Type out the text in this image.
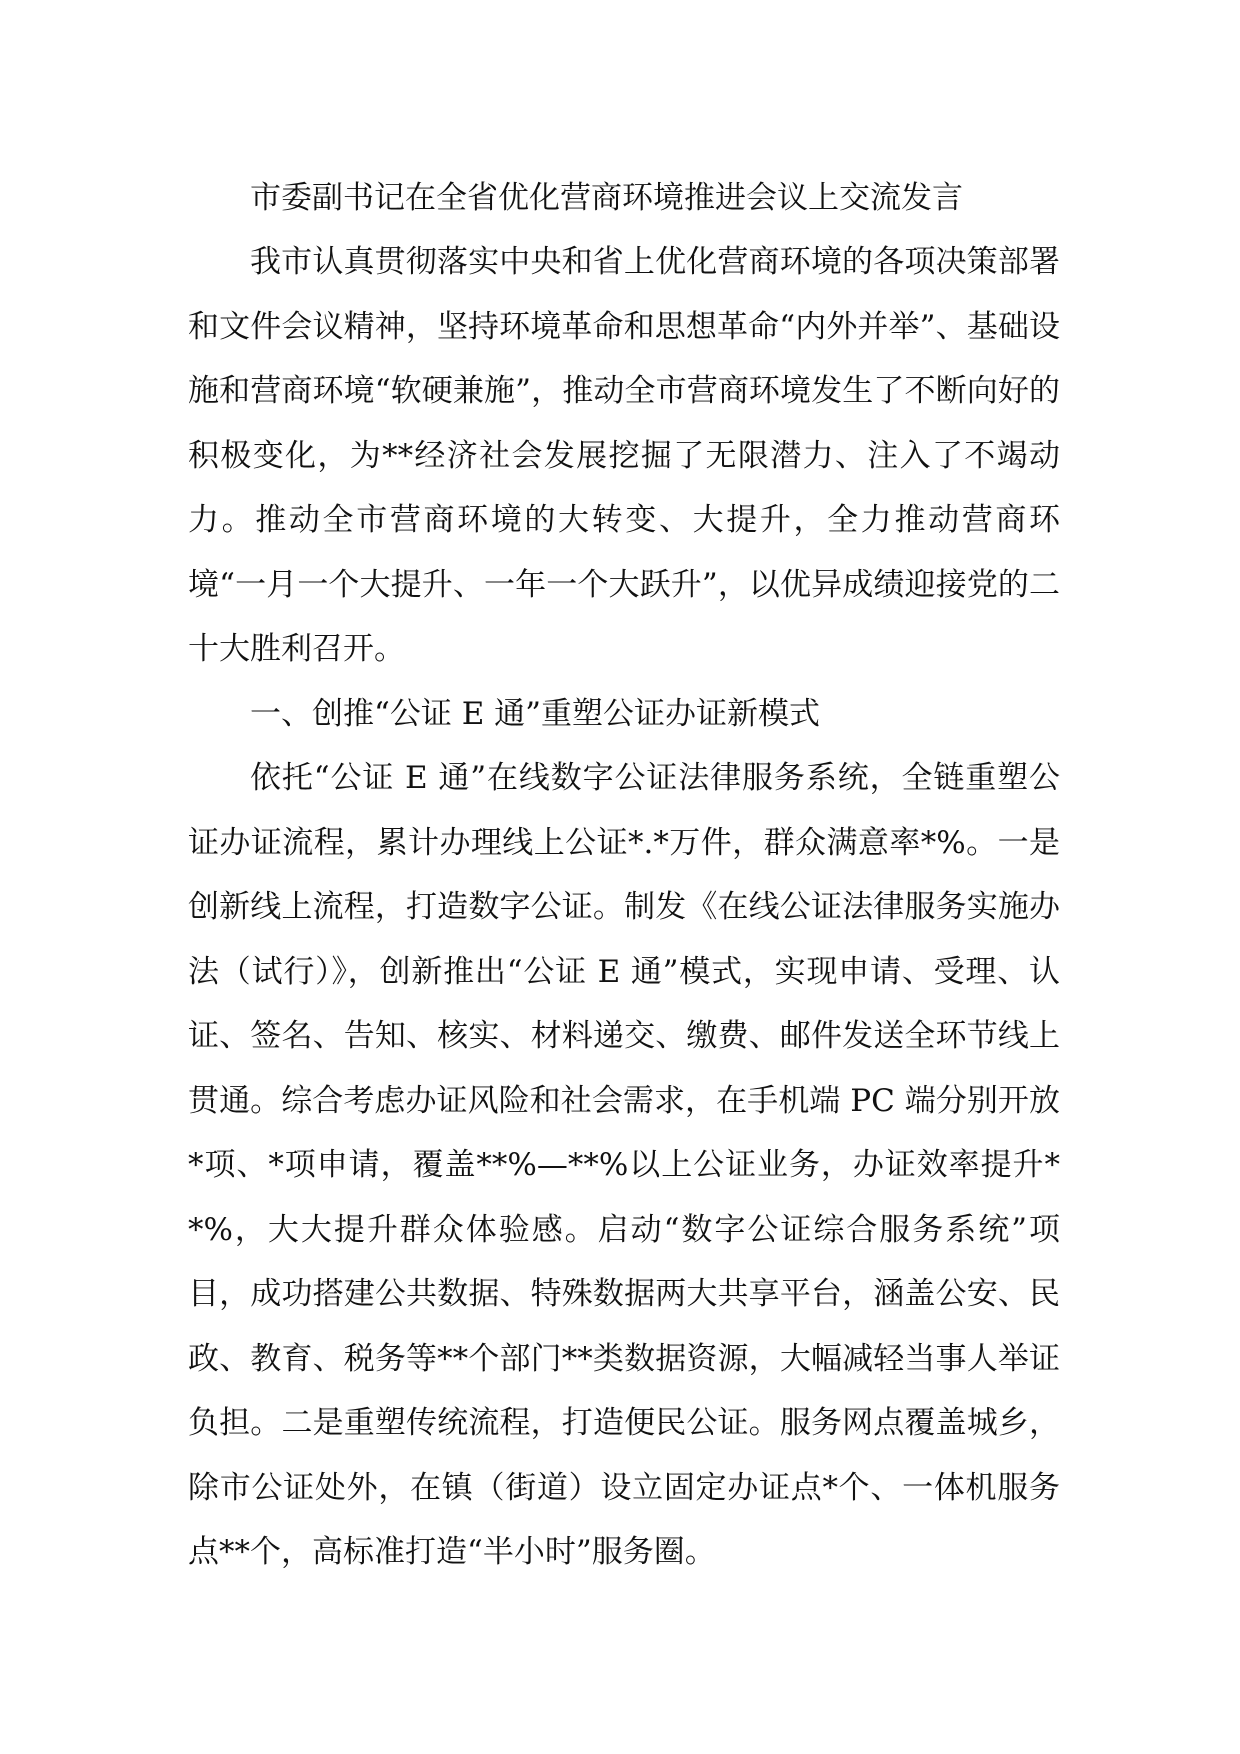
市委副书记在全省优化营商环境推进会议上交流发言

我市认真贯彻落实中央和省上优化营商环境的各项决策部署和文件会议精神，坚持环境革命和思想革命“内外并举”、基础设施和营商环境“软硬兼施”，推动全市营商环境发生了不断向好的积极变化，为**经济社会发展挖掘了无限潜力、注入了不竭动力。推动全市营商环境的大转变、大提升，全力推动营商环境“一月一个大提升、一年一个大跃升”，以优异成绩迎接党的二十大胜利召开。

一、创推“公证 E 通”重塑公证办证新模式

依托“公证 E 通”在线数字公证法律服务系统，全链重塑公证办证流程，累计办理线上公证*.*万件，群众满意率*%。一是创新线上流程，打造数字公证。制发《在线公证法律服务实施办法（试行）》，创新推出“公证 E 通”模式，实现申请、受理、认证、签名、告知、核实、材料递交、缴费、邮件发送全环节线上贯通。综合考虑办证风险和社会需求，在手机端 PC 端分别开放*项、*项申请，覆盖**%—**%以上公证业务，办证效率提升**%，大大提升群众体验感。启动“数字公证综合服务系统”项目，成功搭建公共数据、特殊数据两大共享平台，涵盖公安、民政、教育、税务等**个部门**类数据资源，大幅减轻当事人举证负担。二是重塑传统流程，打造便民公证。服务网点覆盖城乡，除市公证处外，在镇（街道）设立固定办证点*个、一体机服务点**个，高标准打造“半小时”服务圈。
